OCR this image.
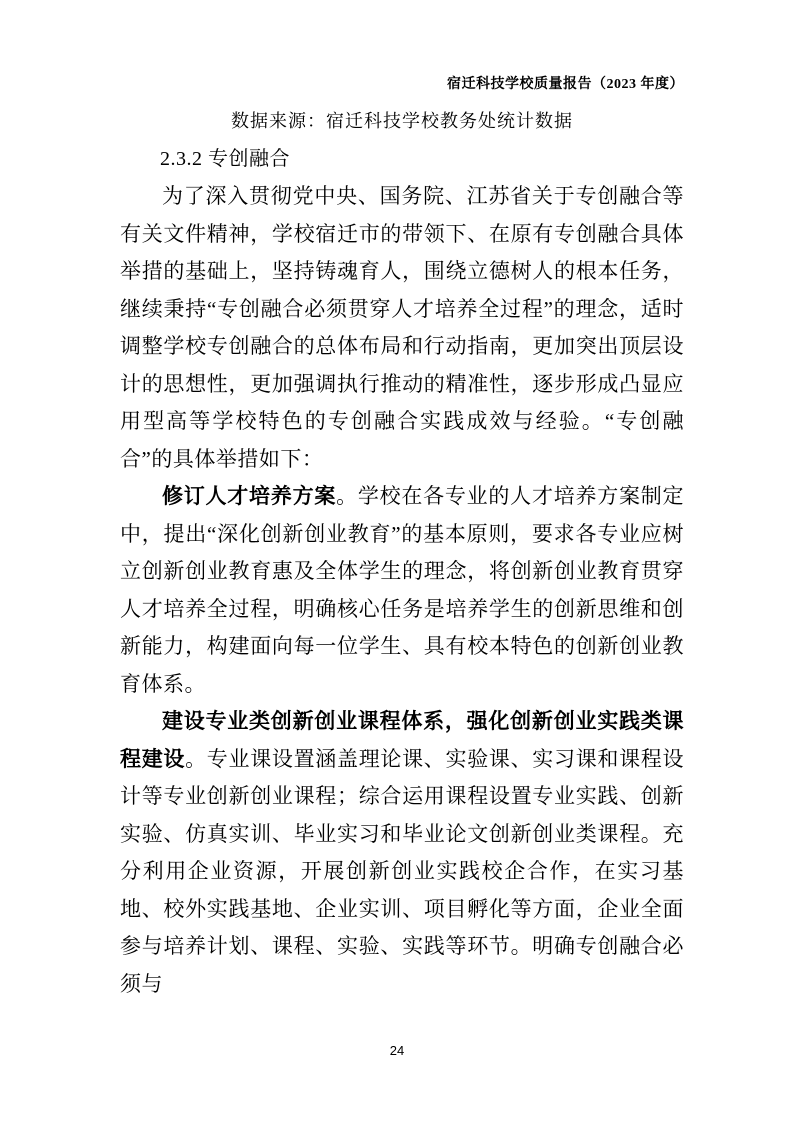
宿迁科技学校质量报告（2023 年度）
数据来源：宿迁科技学校教务处统计数据
2.3.2 专创融合

为了深入贯彻党中央、国务院、江苏省关于专创融合等有关文件精神，学校宿迁市的带领下、在原有专创融合具体举措的基础上，坚持铸魂育人，围绕立德树人的根本任务，继续秉持“专创融合必须贯穿人才培养全过程”的理念，适时调整学校专创融合的总体布局和行动指南，更加突出顶层设计的思想性，更加强调执行推动的精准性，逐步形成凸显应用型高等学校特色的专创融合实践成效与经验。“专创融合”的具体举措如下：

修订人才培养方案。学校在各专业的人才培养方案制定中，提出“深化创新创业教育”的基本原则，要求各专业应树立创新创业教育惠及全体学生的理念，将创新创业教育贯穿人才培养全过程，明确核心任务是培养学生的创新思维和创新能力，构建面向每一位学生、具有校本特色的创新创业教育体系。

建设专业类创新创业课程体系，强化创新创业实践类课程建设。专业课设置涵盖理论课、实验课、实习课和课程设计等专业创新创业课程；综合运用课程设置专业实践、创新实验、仿真实训、毕业实习和毕业论文创新创业类课程。充分利用企业资源，开展创新创业实践校企合作，在实习基地、校外实践基地、企业实训、项目孵化等方面，企业全面参与培养计划、课程、实验、实践等环节。明确专创融合必须与

24
